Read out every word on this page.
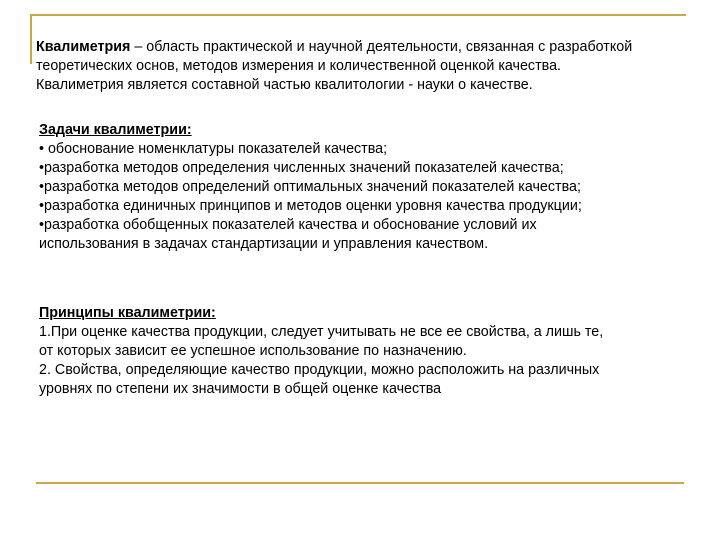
Квалиметрия – область практической и научной деятельности, связанная с разработкой
теоретических основ, методов измерения и количественной оценкой качества.
Квалиметрия является составной частью квалитологии - науки о качестве.
Задачи квалиметрии:
• обоснование номенклатуры показателей качества;
•разработка методов определения численных значений показателей качества;
•разработка методов определений оптимальных значений показателей качества;
•разработка единичных принципов и методов оценки уровня качества продукции;
•разработка обобщенных показателей качества и обоснование условий их
использования в задачах стандартизации и управления качеством.
Принципы квалиметрии:
1.При оценке качества продукции, следует учитывать не все ее свойства, а лишь те,
от которых зависит ее успешное использование по назначению.
2. Свойства, определяющие качество продукции, можно расположить на различных
уровнях по степени их значимости в общей оценке качества
